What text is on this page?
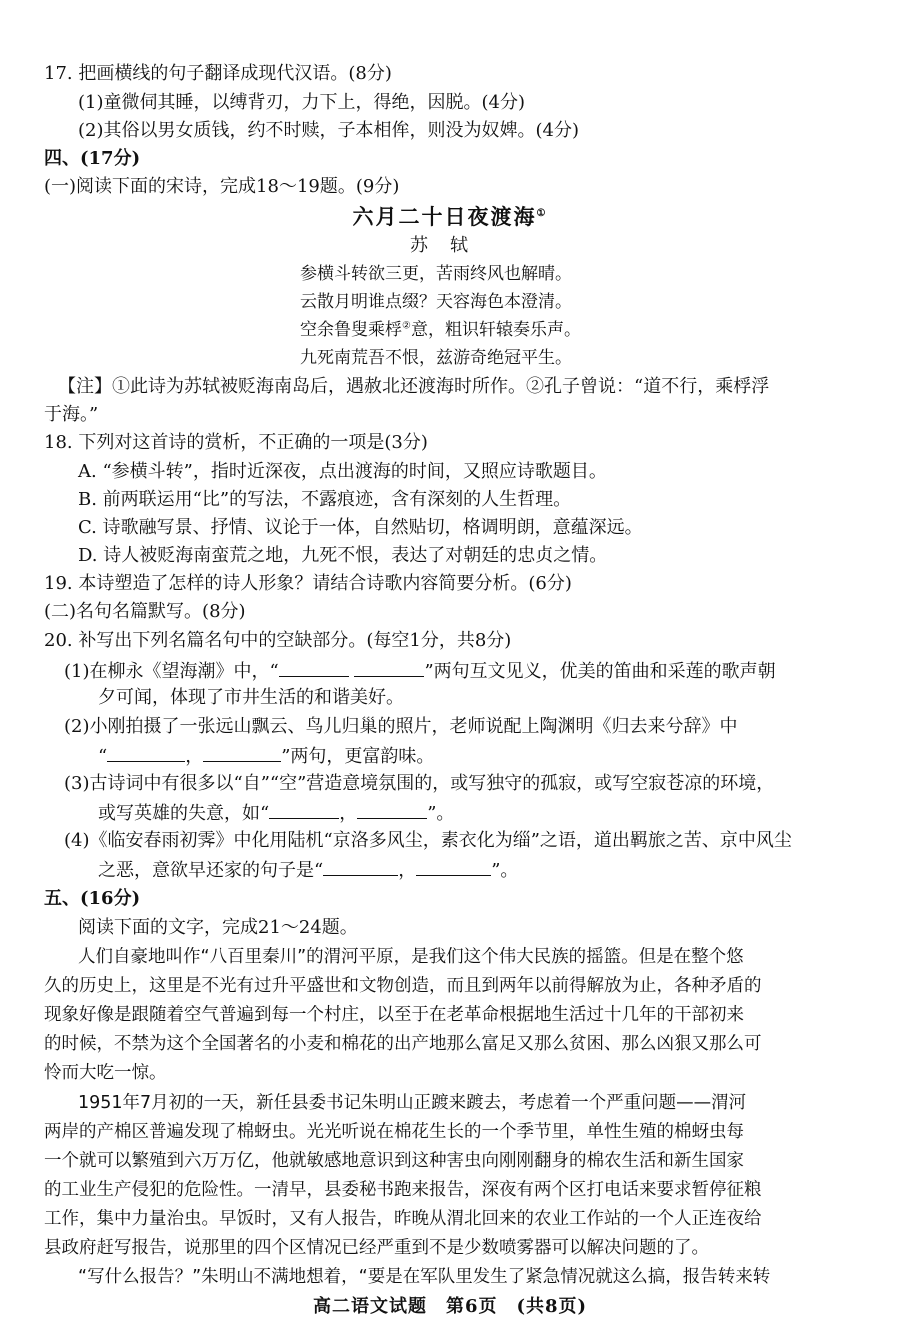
17. 把画横线的句子翻译成现代汉语。(8分)
(1)童微伺其睡，以缚背刃，力下上，得绝，因脱。(4分)
(2)其俗以男女质钱，约不时赎，子本相侔，则没为奴婢。(4分)
四、(17分)
(一)阅读下面的宋诗，完成18～19题。(9分)
六月二十日夜渡海①
苏轼
参横斗转欲三更，苦雨终风也解晴。
云散月明谁点缀？天容海色本澄清。
空余鲁叟乘桴②意，粗识轩辕奏乐声。
九死南荒吾不恨，兹游奇绝冠平生。
【注】①此诗为苏轼被贬海南岛后，遇赦北还渡海时所作。②孔子曾说：“道不行，乘桴浮
于海。”
18. 下列对这首诗的赏析，不正确的一项是(3分)
A. “参横斗转”，指时近深夜，点出渡海的时间，又照应诗歌题目。
B. 前两联运用“比”的写法，不露痕迹，含有深刻的人生哲理。
C. 诗歌融写景、抒情、议论于一体，自然贴切，格调明朗，意蕴深远。
D. 诗人被贬海南蛮荒之地，九死不恨，表达了对朝廷的忠贞之情。
19. 本诗塑造了怎样的诗人形象？请结合诗歌内容简要分析。(6分)
(二)名句名篇默写。(8分)
20. 补写出下列名篇名句中的空缺部分。(每空1分，共8分)
(1)在柳永《望海潮》中，“	”两句互文见义，优美的笛曲和采莲的歌声朝
夕可闻，体现了市井生活的和谐美好。
(2)小刚拍摄了一张远山飘云、鸟儿归巢的照片，老师说配上陶渊明《归去来兮辞》中
“	，	”两句，更富韵味。
(3)古诗词中有很多以“自”“空”营造意境氛围的，或写独守的孤寂，或写空寂苍凉的环境，
或写英雄的失意，如“	，	”。
(4)《临安春雨初霁》中化用陆机“京洛多风尘，素衣化为缁”之语，道出羁旅之苦、京中风尘
之恶，意欲早还家的句子是“	，	”。
五、(16分)
阅读下面的文字，完成21～24题。
人们自豪地叫作“八百里秦川”的渭河平原，是我们这个伟大民族的摇篮。但是在整个悠
久的历史上，这里是不光有过升平盛世和文物创造，而且到两年以前得解放为止，各种矛盾的
现象好像是跟随着空气普遍到每一个村庄，以至于在老革命根据地生活过十几年的干部初来
的时候，不禁为这个全国著名的小麦和棉花的出产地那么富足又那么贫困、那么凶狠又那么可
怜而大吃一惊。
1951年7月初的一天，新任县委书记朱明山正踱来踱去，考虑着一个严重问题——渭河
两岸的产棉区普遍发现了棉蚜虫。光光听说在棉花生长的一个季节里，单性生殖的棉蚜虫每
一个就可以繁殖到六万万亿，他就敏感地意识到这种害虫向刚刚翻身的棉农生活和新生国家
的工业生产侵犯的危险性。一清早，县委秘书跑来报告，深夜有两个区打电话来要求暂停征粮
工作，集中力量治虫。早饭时，又有人报告，昨晚从渭北回来的农业工作站的一个人正连夜给
县政府赶写报告，说那里的四个区情况已经严重到不是少数喷雾器可以解决问题的了。
“写什么报告？”朱明山不满地想着，“要是在军队里发生了紧急情况就这么搞，报告转来转
高二语文试题　第6页　(共8页)
